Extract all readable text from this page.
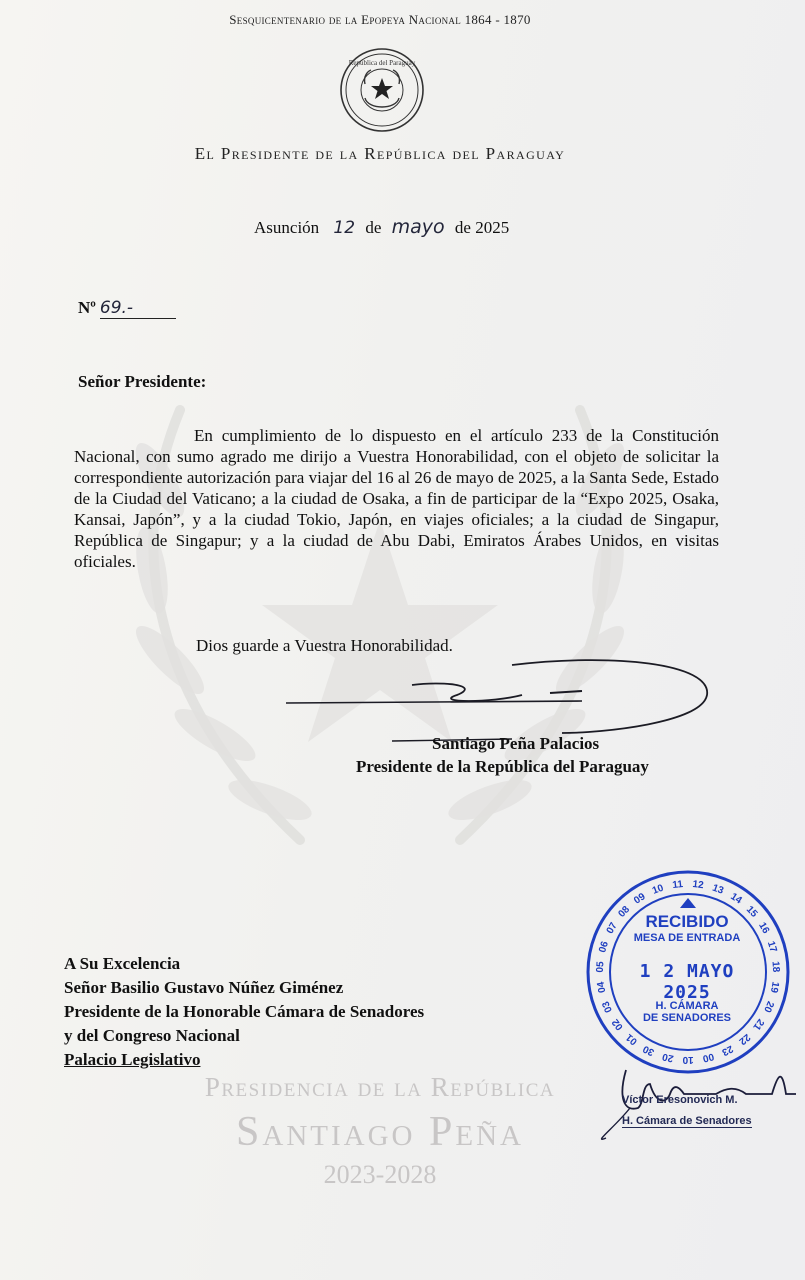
Sesquicentenario de la Epopeya Nacional 1864 - 1870
República del Paraguay
El Presidente de la República del Paraguay
Asunción 12 de mayo de 2025
Nº 69.-
Señor Presidente:
En cumplimiento de lo dispuesto en el artículo 233 de la Constitución Nacional, con sumo agrado me dirijo a Vuestra Honorabilidad, con el objeto de solicitar la correspondiente autorización para viajar del 16 al 26 de mayo de 2025, a la Santa Sede, Estado de la Ciudad del Vaticano; a la ciudad de Osaka, a fin de participar de la “Expo 2025, Osaka, Kansai, Japón”, y a la ciudad Tokio, Japón, en viajes oficiales; a la ciudad de Singapur, República de Singapur; y a la ciudad de Abu Dabi, Emiratos Árabes Unidos, en visitas oficiales.
Dios guarde a Vuestra Honorabilidad.
Santiago Peña Palacios
Presidente de la República del Paraguay
A Su Excelencia
Señor Basilio Gustavo Núñez Giménez
Presidente de la Honorable Cámara de Senadores
y del Congreso Nacional
Palacio Legislativo
Presidencia de la República
Santiago Peña
2023-2028
10 11 12 13
14
15
16
17
18
19
20
21
22
23
00
10
20
30
01
02
03
04
05
06
07
08
09
RECIBIDO
MESA DE ENTRADA
1 2 MAYO 2025
H. CÁMARA
DE SENADORES
Víctor Eresonovich M.
H. Cámara de Senadores
